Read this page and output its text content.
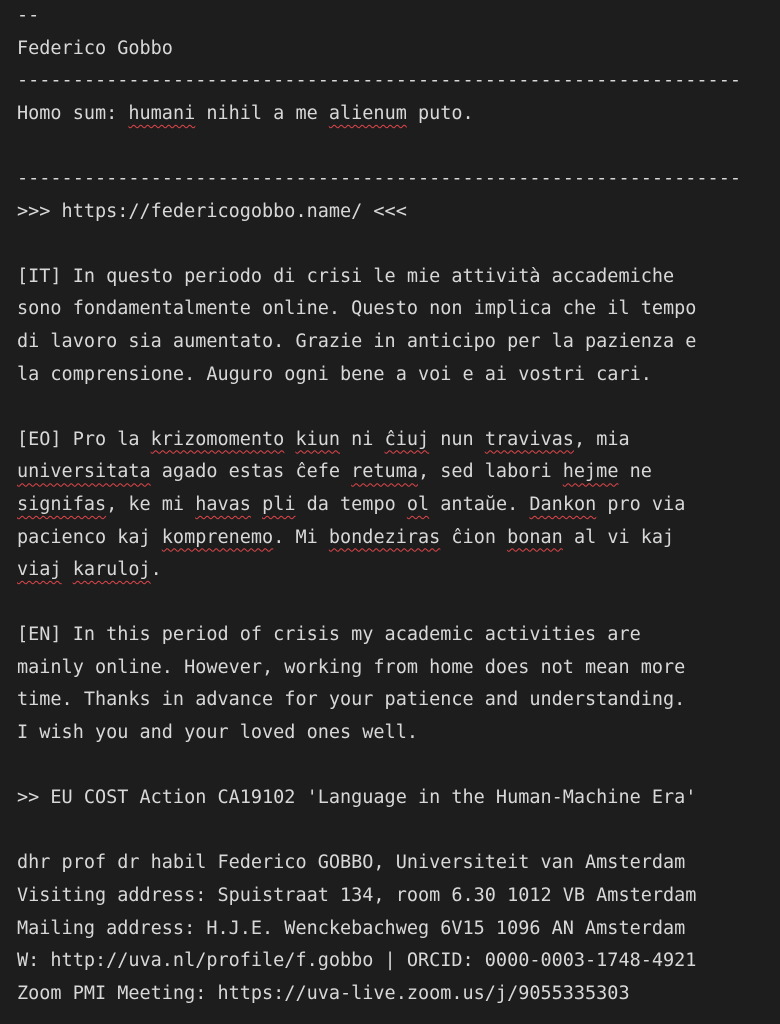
--
Federico Gobbo
-----------------------------------------------------------------
Homo sum: humani nihil a me alienum puto.
-----------------------------------------------------------------
>>> https://federicogobbo.name/ <<<
[IT] In questo periodo di crisi le mie attività accademiche
sono fondamentalmente online. Questo non implica che il tempo
di lavoro sia aumentato. Grazie in anticipo per la pazienza e
la comprensione. Auguro ogni bene a voi e ai vostri cari.
[EO] Pro la krizomomento kiun ni ĉiuj nun travivas, mia
universitata agado estas ĉefe retuma, sed labori hejme ne
signifas, ke mi havas pli da tempo ol antaŭe. Dankon pro via
pacienco kaj komprenemo. Mi bondeziras ĉion bonan al vi kaj
viaj karuloj.
[EN] In this period of crisis my academic activities are
mainly online. However, working from home does not mean more
time. Thanks in advance for your patience and understanding.
I wish you and your loved ones well.
>> EU COST Action CA19102 'Language in the Human-Machine Era'
dhr prof dr habil Federico GOBBO, Universiteit van Amsterdam
Visiting address: Spuistraat 134, room 6.30 1012 VB Amsterdam
Mailing address: H.J.E. Wenckebachweg 6V15 1096 AN Amsterdam
W: http://uva.nl/profile/f.gobbo | ORCID: 0000-0003-1748-4921
Zoom PMI Meeting: https://uva-live.zoom.us/j/9055335303
